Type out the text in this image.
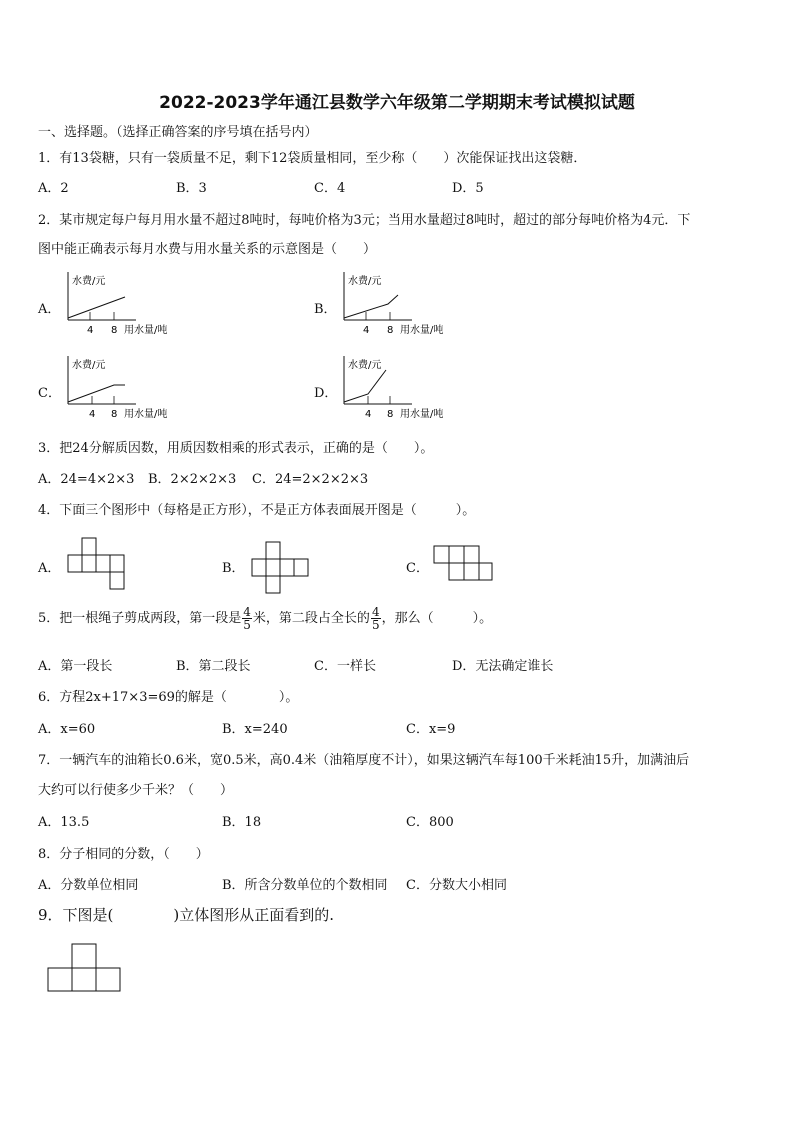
2022-2023学年通江县数学六年级第二学期期末考试模拟试题
一、选择题。（选择正确答案的序号填在括号内）
1．有13袋糖，只有一袋质量不足，剩下12袋质量相同，至少称（　　）次能保证找出这袋糖．
A．2	B．3	C．4	D．5
2．某市规定每户每月用水量不超过8吨时，每吨价格为3元；当用水量超过8吨时，超过的部分每吨价格为4元．下
图中能正确表示每月水费与用水量关系的示意图是（　　）
A．	B．
C．	D．
水费/元
4 8 用水量/吨
水费/元
4 8 用水量/吨
水费/元
4 8 用水量/吨
水费/元
4 8 用水量/吨
3．把24分解质因数，用质因数相乘的形式表示，正确的是（　　）。
A．24=4×2×3 B．2×2×2×3 C．24=2×2×2×3
4．下面三个图形中（每格是正方形），不是正方体表面展开图是（　　　）。
A．	B．	C．
5．把一根绳子剪成两段，第一段是 $\frac{4}{5}$ 米，第二段占全长的 $\frac{4}{5}$ ，那么（　　　）。
A．第一段长	B．第二段长	C．一样长	D．无法确定谁长
6．方程2x+17×3=69的解是（　　　　）。
A．x=60	B．x=240	C．x=9
7．一辆汽车的油箱长0.6米，宽0.5米，高0.4米（油箱厚度不计），如果这辆汽车每100千米耗油15升，加满油后
大约可以行使多少千米？（　　）
A．13.5	B．18	C．800
8．分子相同的分数，（　　）
A．分数单位相同	B．所含分数单位的个数相同 C．分数大小相同
9．下图是(　　　　)立体图形从正面看到的.
